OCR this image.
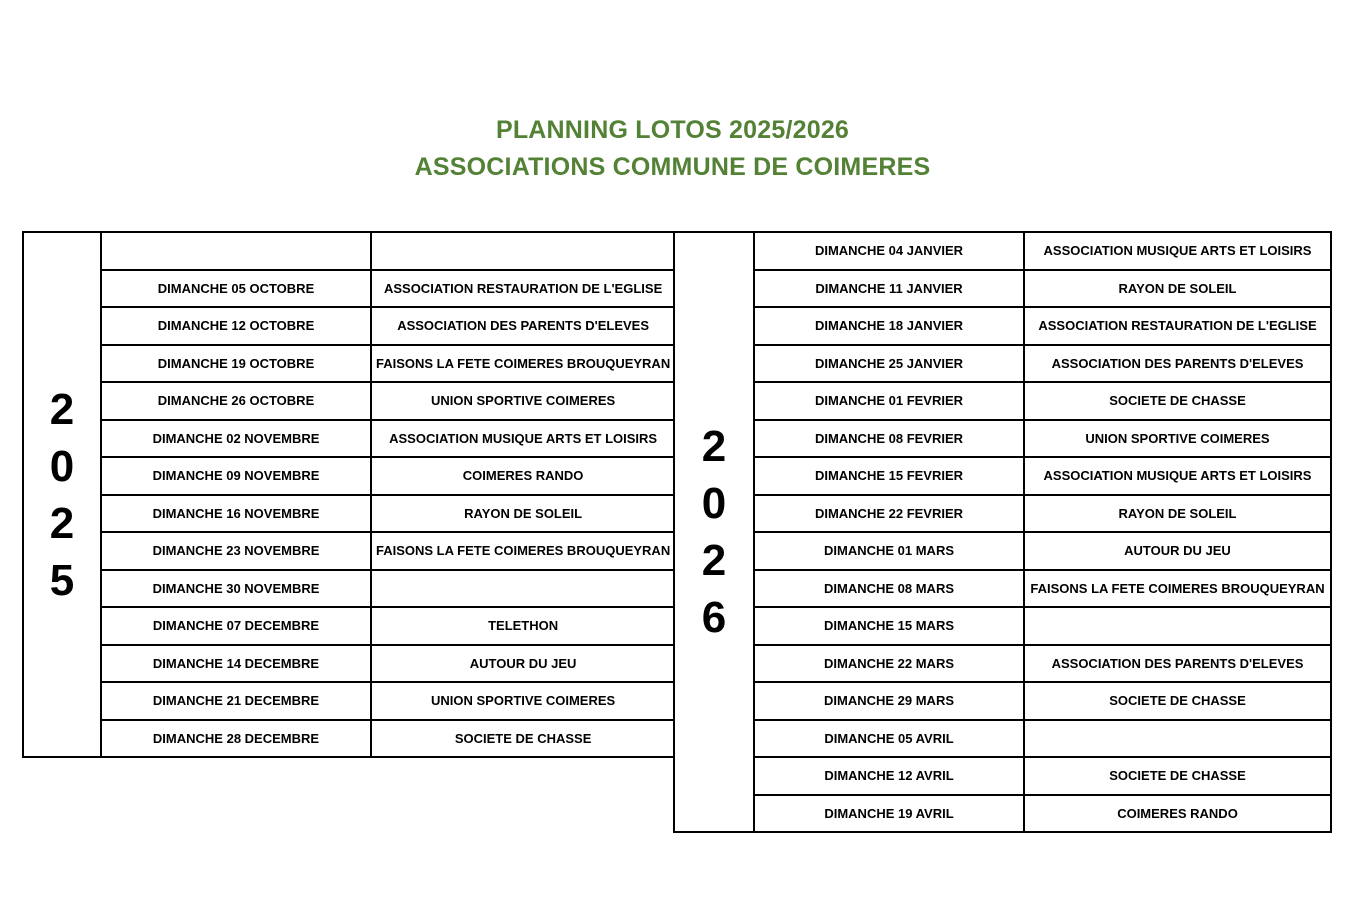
PLANNING LOTOS 2025/2026
ASSOCIATIONS COMMUNE DE COIMERES
2
0
2
5		

	DIMANCHE 05 OCTOBRE	ASSOCIATION RESTAURATION DE L'EGLISE
	DIMANCHE 12 OCTOBRE	ASSOCIATION DES PARENTS D'ELEVES
	DIMANCHE 19 OCTOBRE	FAISONS LA FETE COIMERES BROUQUEYRAN
	DIMANCHE 26 OCTOBRE	UNION SPORTIVE COIMERES
	DIMANCHE 02 NOVEMBRE	ASSOCIATION MUSIQUE ARTS ET LOISIRS
	DIMANCHE 09 NOVEMBRE	COIMERES RANDO
	DIMANCHE 16 NOVEMBRE	RAYON DE SOLEIL
	DIMANCHE 23 NOVEMBRE	FAISONS LA FETE COIMERES BROUQUEYRAN
	DIMANCHE 30 NOVEMBRE	
	DIMANCHE 07 DECEMBRE	TELETHON
	DIMANCHE 14 DECEMBRE	AUTOUR DU JEU
	DIMANCHE 21 DECEMBRE	UNION SPORTIVE COIMERES
	DIMANCHE 28 DECEMBRE	SOCIETE DE CHASSE
2
0
2
6	DIMANCHE 04 JANVIER	ASSOCIATION MUSIQUE ARTS ET LOISIRS
	DIMANCHE 11 JANVIER	RAYON DE SOLEIL
	DIMANCHE 18 JANVIER	ASSOCIATION RESTAURATION DE L'EGLISE
	DIMANCHE 25 JANVIER	ASSOCIATION DES PARENTS D'ELEVES
	DIMANCHE 01 FEVRIER	SOCIETE DE CHASSE
	DIMANCHE 08 FEVRIER	UNION SPORTIVE COIMERES
	DIMANCHE 15 FEVRIER	ASSOCIATION MUSIQUE ARTS ET LOISIRS
	DIMANCHE 22 FEVRIER	RAYON DE SOLEIL
	DIMANCHE 01 MARS	AUTOUR DU JEU
	DIMANCHE 08 MARS	FAISONS LA FETE COIMERES BROUQUEYRAN
	DIMANCHE 15 MARS	
	DIMANCHE 22 MARS	ASSOCIATION DES PARENTS D'ELEVES
	DIMANCHE 29 MARS	SOCIETE DE CHASSE
	DIMANCHE 05 AVRIL	
	DIMANCHE 12 AVRIL	SOCIETE DE CHASSE
	DIMANCHE 19 AVRIL	COIMERES RANDO
